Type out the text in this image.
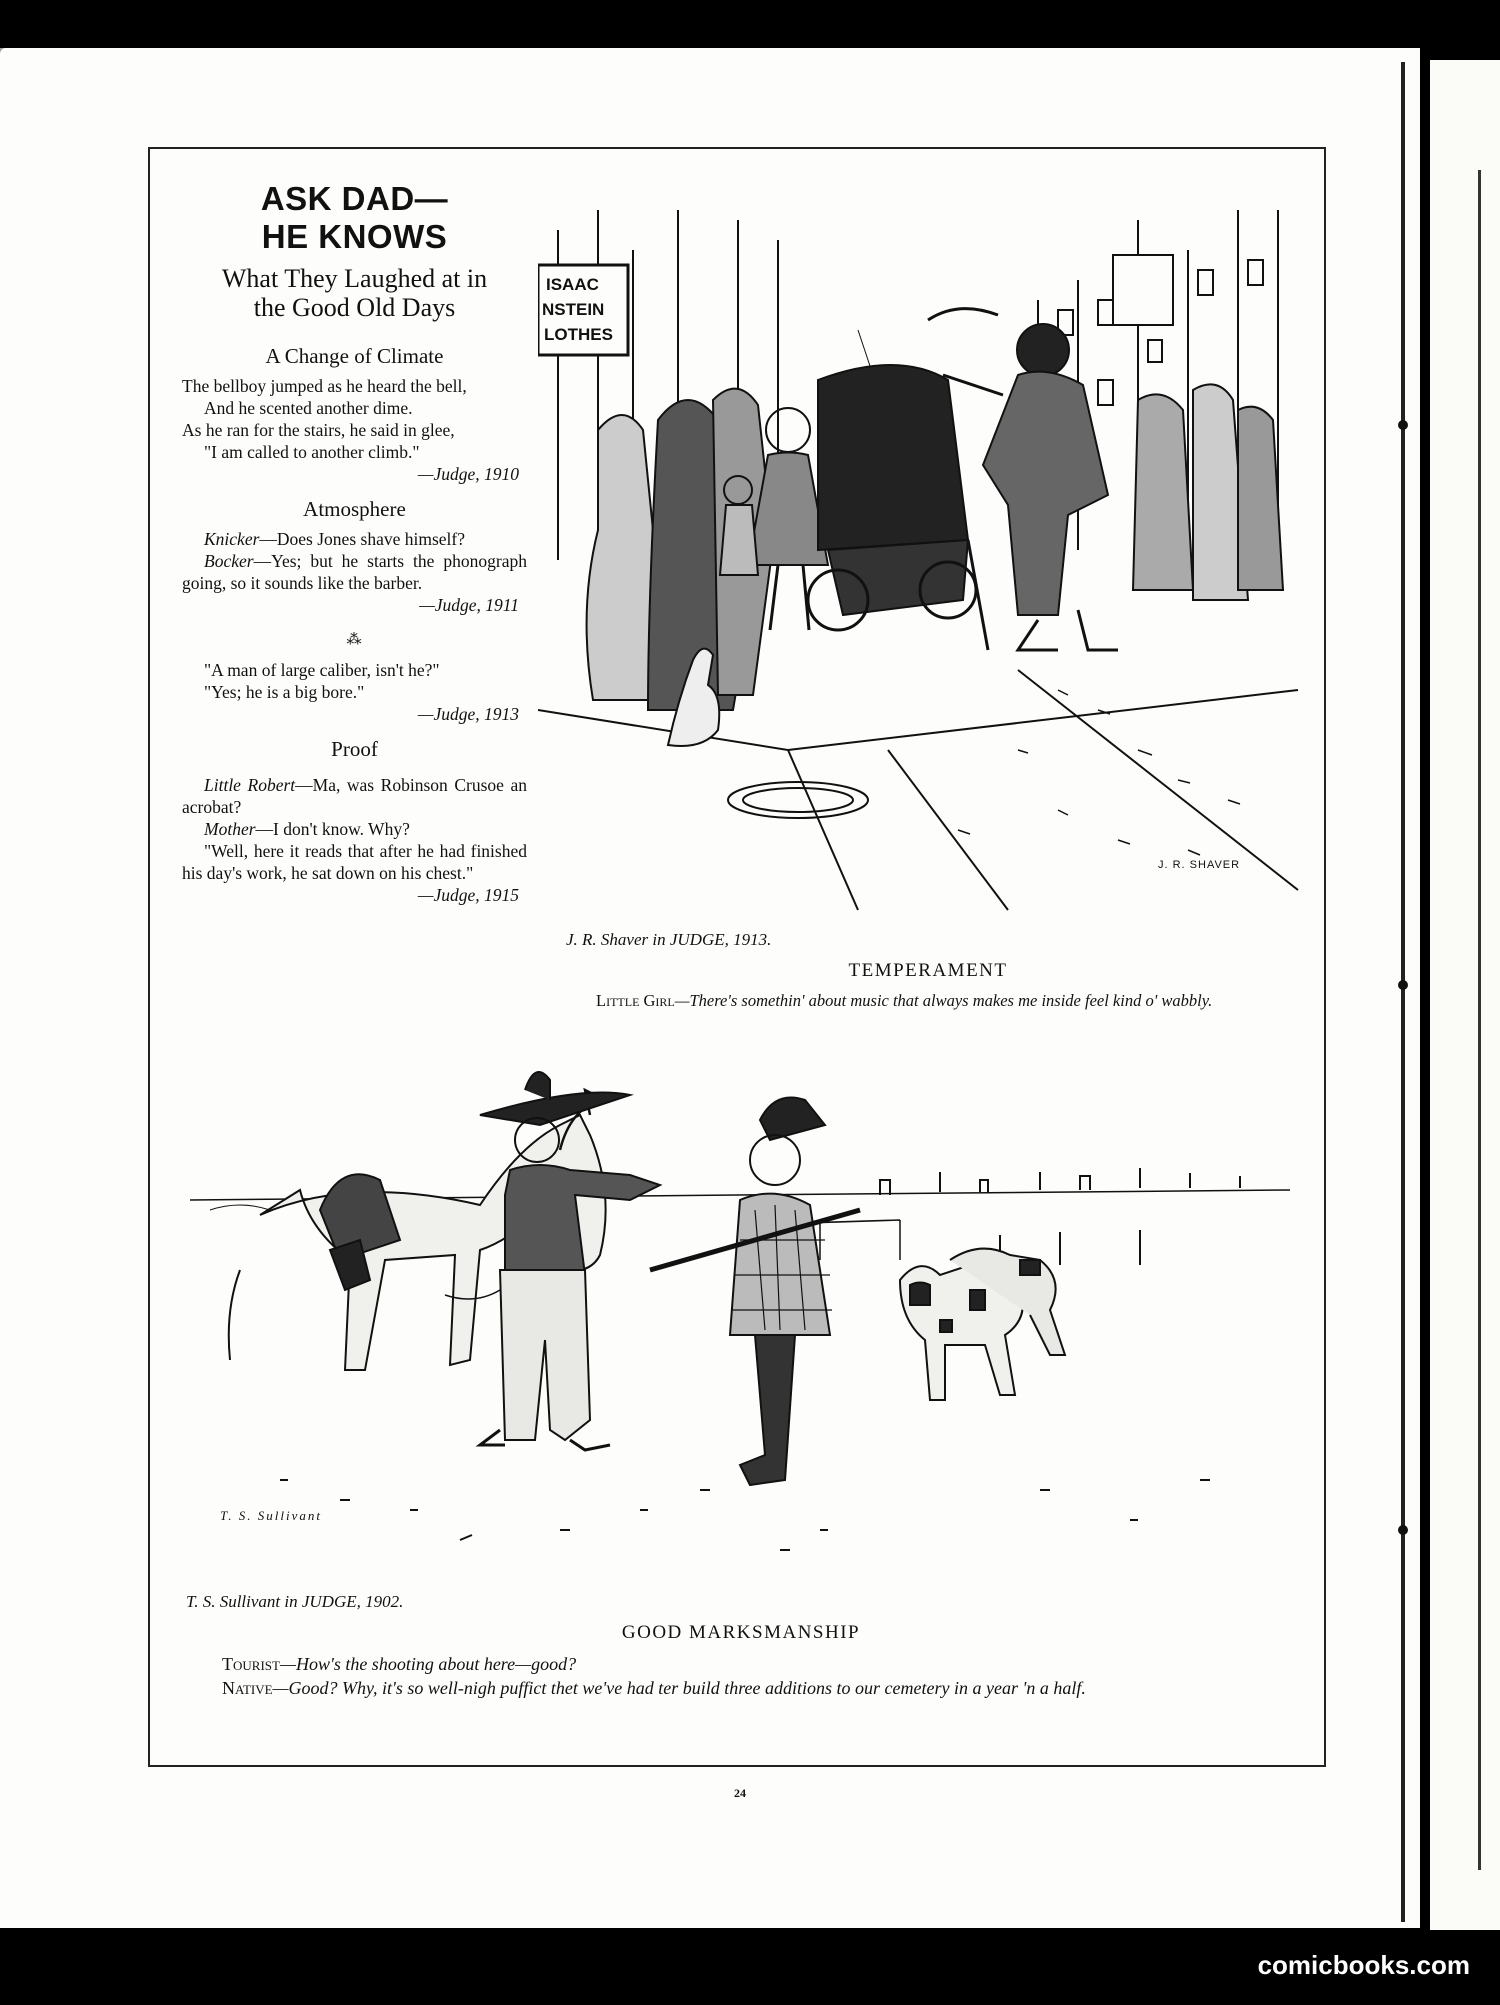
ASK DAD—
HE KNOWS
What They Laughed at in
the Good Old Days
A Change of Climate

The bellboy jumped as he heard the bell,

And he scented another dime.

As he ran for the stairs, he said in glee,

"I am called to another climb."

—Judge, 1910

Atmosphere

Knicker—Does Jones shave himself?

Bocker—Yes; but he starts the phonograph going, so it sounds like the barber.

—Judge, 1911

⁂

"A man of large caliber, isn't he?"

"Yes; he is a big bore."

—Judge, 1913

Proof

Little Robert—Ma, was Robinson Crusoe an acrobat?

Mother—I don't know. Why?

"Well, here it reads that after he had finished his day's work, he sat down on his chest."

—Judge, 1915

ISAAC
NSTEIN
LOTHES
J. R. SHAVER
J. R. Shaver in JUDGE, 1913.
TEMPERAMENT
Little Girl—There's somethin' about music that always makes me inside feel kind o' wabbly.
T. S. Sullivant
T. S. Sullivant in JUDGE, 1902.
GOOD MARKSMANSHIP
Tourist—How's the shooting about here—good?
Native—Good? Why, it's so well-nigh puffict thet we've had ter build three additions to our cemetery in a year 'n a half.
24
comicbooks.com
